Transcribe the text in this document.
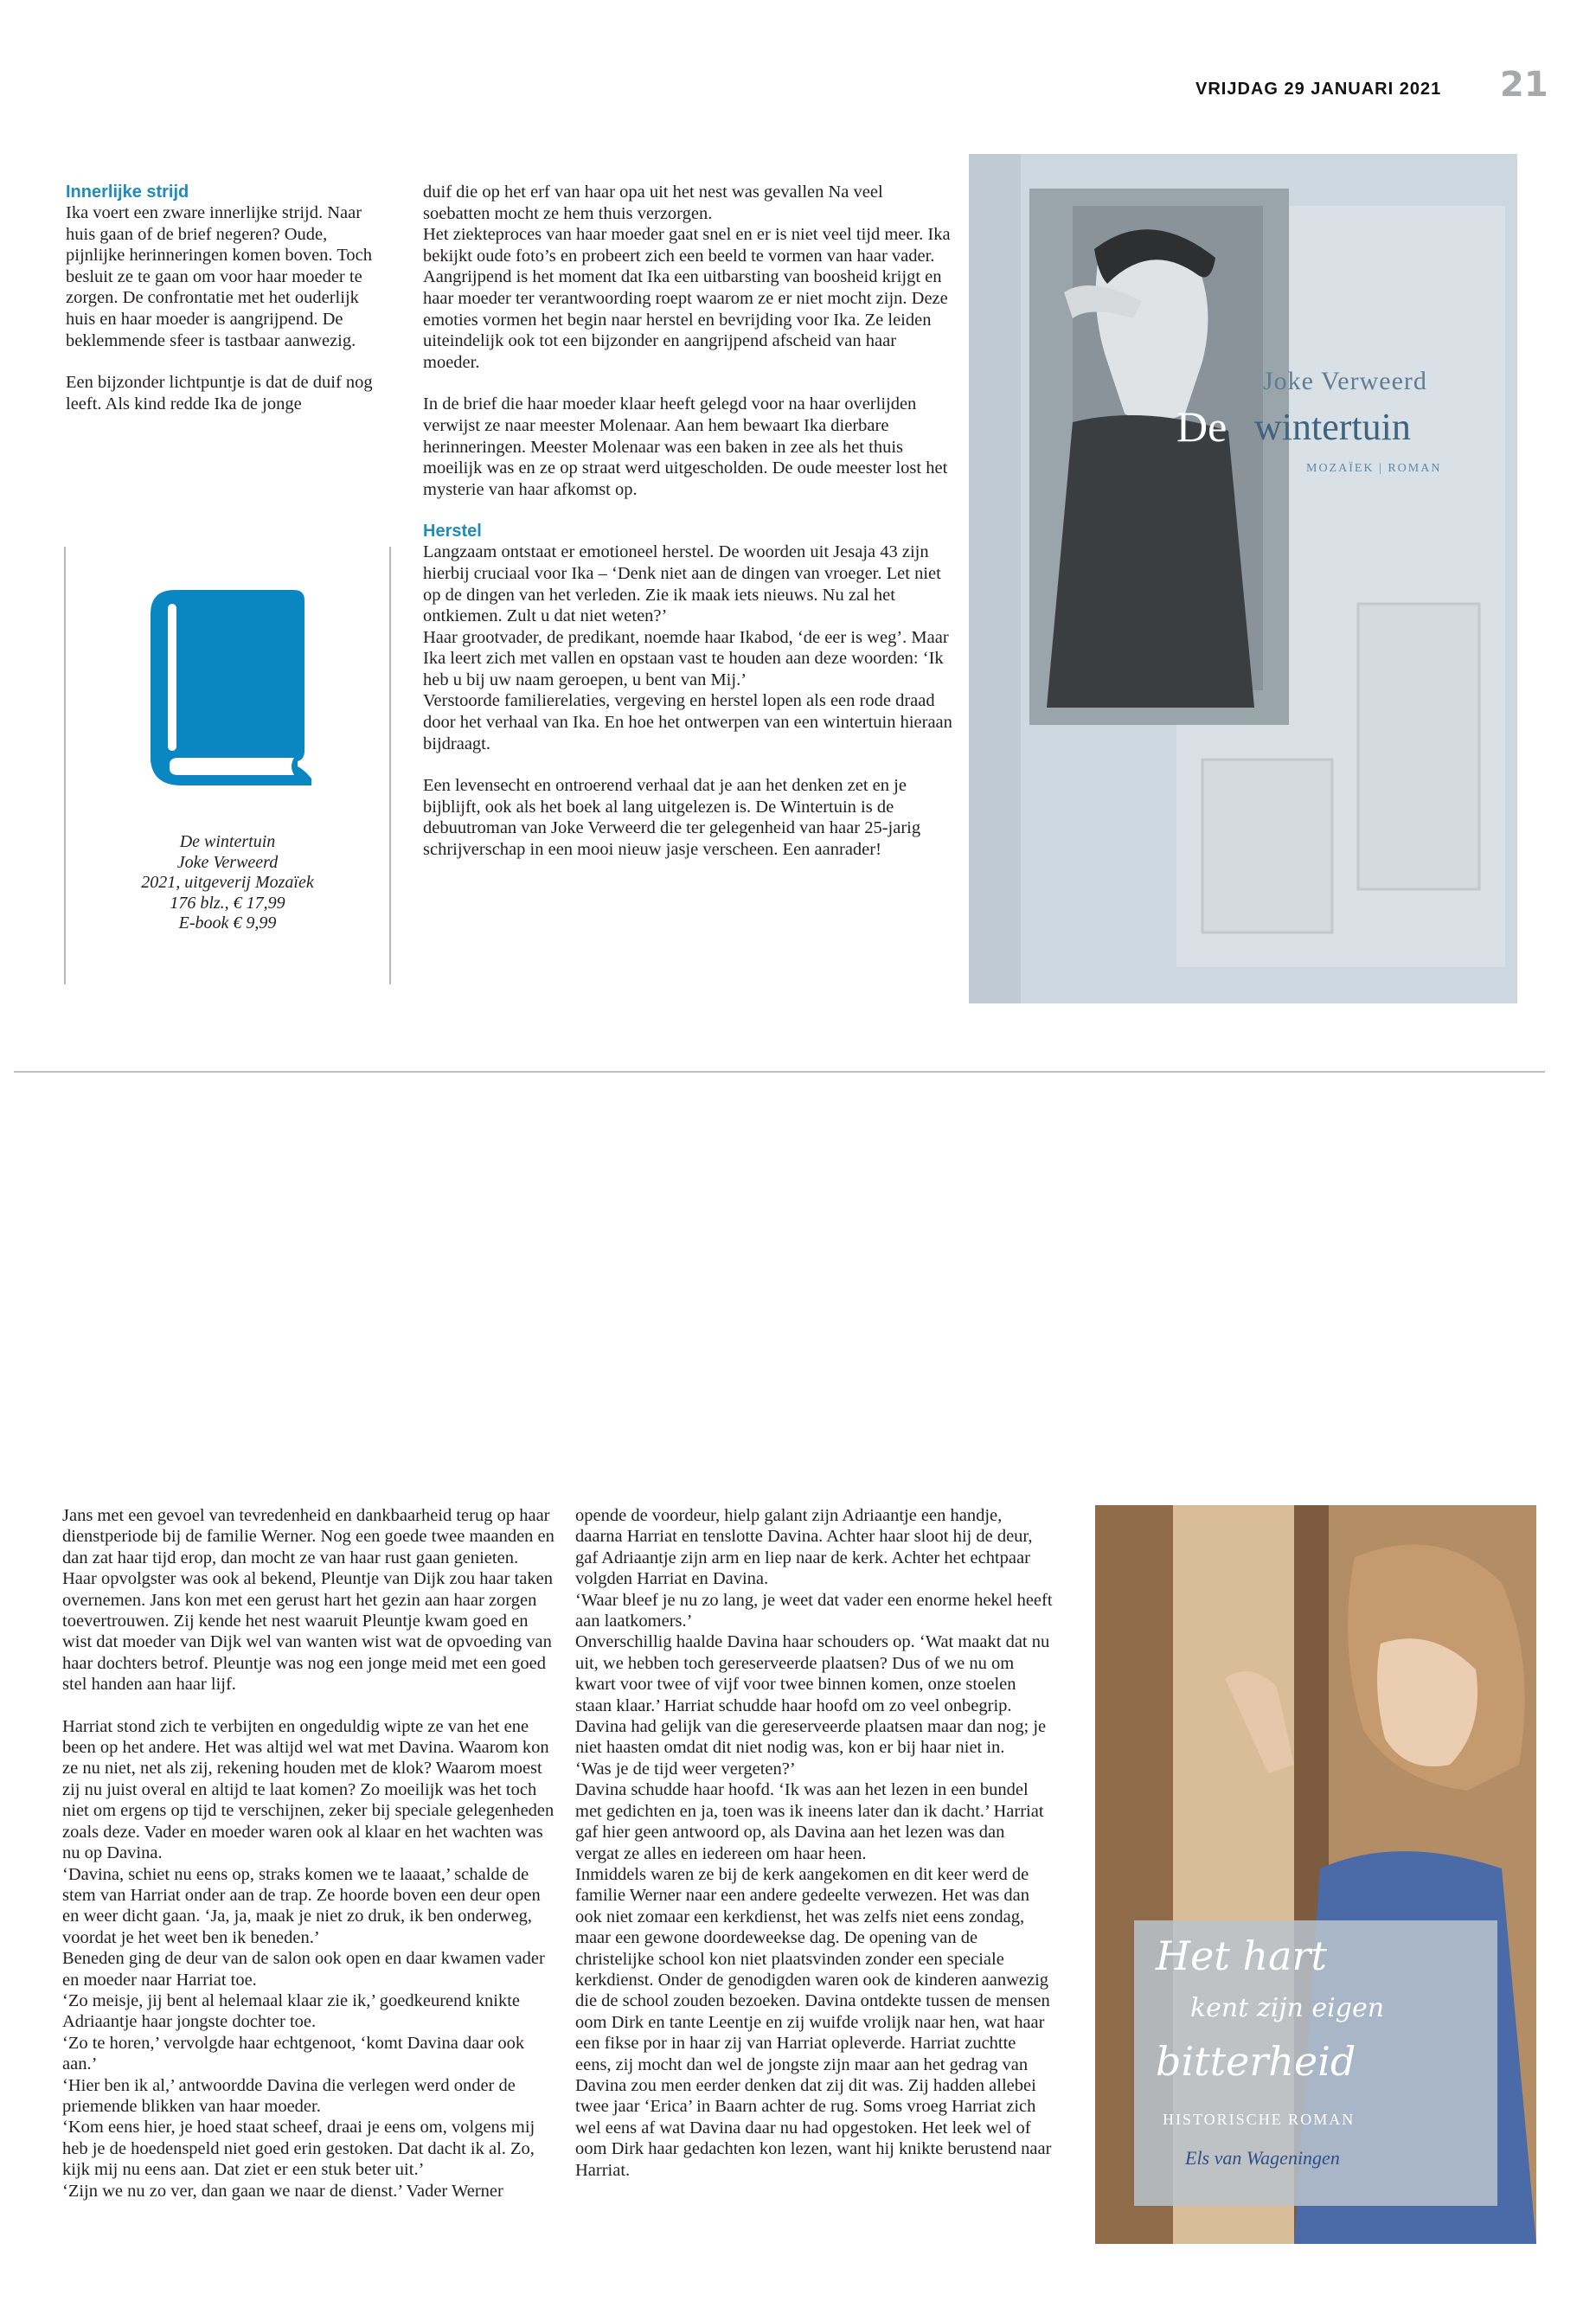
VRIJDAG 29 JANUARI 2021 21
Innerlijke strijd

Ika voert een zware innerlijke strijd. Naar huis gaan of de brief negeren? Oude, pijnlijke herinneringen komen boven. Toch besluit ze te gaan om voor haar moeder te zorgen. De confrontatie met het ouderlijk huis en haar moeder is aangrijpend. De beklemmende sfeer is tastbaar aanwezig.

Een bijzonder lichtpuntje is dat de duif nog leeft. Als kind redde Ika de jonge

duif die op het erf van haar opa uit het nest was gevallen Na veel soebatten mocht ze hem thuis verzorgen.

Het ziekteproces van haar moeder gaat snel en er is niet veel tijd meer. Ika bekijkt oude foto’s en probeert zich een beeld te vormen van haar vader. Aangrijpend is het moment dat Ika een uitbarsting van boosheid krijgt en haar moeder ter verantwoording roept waarom ze er niet mocht zijn. Deze emoties vormen het begin naar herstel en bevrijding voor Ika. Ze leiden uiteindelijk ook tot een bijzonder en aangrijpend afscheid van haar moeder.

In de brief die haar moeder klaar heeft gelegd voor na haar overlijden verwijst ze naar meester Molenaar. Aan hem bewaart Ika dierbare herinneringen. Meester Molenaar was een baken in zee als het thuis moeilijk was en ze op straat werd uitgescholden. De oude meester lost het mysterie van haar afkomst op.

Herstel

Langzaam ontstaat er emotioneel herstel. De woorden uit Jesaja 43 zijn hierbij cruciaal voor Ika – ‘Denk niet aan de dingen van vroeger. Let niet op de dingen van het verleden. Zie ik maak iets nieuws. Nu zal het ontkiemen. Zult u dat niet weten?’

Haar grootvader, de predikant, noemde haar Ikabod, ‘de eer is weg’. Maar Ika leert zich met vallen en opstaan vast te houden aan deze woorden: ‘Ik heb u bij uw naam geroepen, u bent van Mij.’

Verstoorde familierelaties, vergeving en herstel lopen als een rode draad door het verhaal van Ika. En hoe het ontwerpen van een wintertuin hieraan bijdraagt.

Een levensecht en ontroerend verhaal dat je aan het denken zet en je bijblijft, ook als het boek al lang uitgelezen is. De Wintertuin is de debuutroman van Joke Verweerd die ter gelegenheid van haar 25-jarig schrijverschap in een mooi nieuw jasje verscheen. Een aanrader!

De wintertuin
Joke Verweerd
2021, uitgeverij Mozaïek
176 blz., € 17,99
E-book € 9,99
Joke Verweerd
De wintertuin
MOZAÏEK | ROMAN

Jans met een gevoel van tevredenheid en dankbaarheid terug op haar dienstperiode bij de familie Werner. Nog een goede twee maanden en dan zat haar tijd erop, dan mocht ze van haar rust gaan genieten. Haar opvolgster was ook al bekend, Pleuntje van Dijk zou haar taken overnemen. Jans kon met een gerust hart het gezin aan haar zorgen toevertrouwen. Zij kende het nest waaruit Pleuntje kwam goed en wist dat moeder van Dijk wel van wanten wist wat de opvoeding van haar dochters betrof. Pleuntje was nog een jonge meid met een goed stel handen aan haar lijf.

Harriat stond zich te verbijten en ongeduldig wipte ze van het ene been op het andere. Het was altijd wel wat met Davina. Waarom kon ze nu niet, net als zij, rekening houden met de klok? Waarom moest zij nu juist overal en altijd te laat komen? Zo moeilijk was het toch niet om ergens op tijd te verschijnen, zeker bij speciale gelegenheden zoals deze. Vader en moeder waren ook al klaar en het wachten was nu op Davina.

‘Davina, schiet nu eens op, straks komen we te laaaat,’ schalde de stem van Harriat onder aan de trap. Ze hoorde boven een deur open en weer dicht gaan. ‘Ja, ja, maak je niet zo druk, ik ben onderweg, voordat je het weet ben ik beneden.’

Beneden ging de deur van de salon ook open en daar kwamen vader en moeder naar Harriat toe.

‘Zo meisje, jij bent al helemaal klaar zie ik,’ goedkeurend knikte Adriaantje haar jongste dochter toe.

‘Zo te horen,’ vervolgde haar echtgenoot, ‘komt Davina daar ook aan.’

‘Hier ben ik al,’ antwoordde Davina die verlegen werd onder de priemende blikken van haar moeder.

‘Kom eens hier, je hoed staat scheef, draai je eens om, volgens mij heb je de hoedenspeld niet goed erin gestoken. Dat dacht ik al. Zo, kijk mij nu eens aan. Dat ziet er een stuk beter uit.’

‘Zijn we nu zo ver, dan gaan we naar de dienst.’ Vader Werner

opende de voordeur, hielp galant zijn Adriaantje een handje, daarna Harriat en tenslotte Davina. Achter haar sloot hij de deur, gaf Adriaantje zijn arm en liep naar de kerk. Achter het echtpaar volgden Harriat en Davina.

‘Waar bleef je nu zo lang, je weet dat vader een enorme hekel heeft aan laatkomers.’

Onverschillig haalde Davina haar schouders op. ‘Wat maakt dat nu uit, we hebben toch gereserveerde plaatsen? Dus of we nu om kwart voor twee of vijf voor twee binnen komen, onze stoelen staan klaar.’ Harriat schudde haar hoofd om zo veel onbegrip. Davina had gelijk van die gereserveerde plaatsen maar dan nog; je niet haasten omdat dit niet nodig was, kon er bij haar niet in.

‘Was je de tijd weer vergeten?’

Davina schudde haar hoofd. ‘Ik was aan het lezen in een bundel met gedichten en ja, toen was ik ineens later dan ik dacht.’ Harriat gaf hier geen antwoord op, als Davina aan het lezen was dan vergat ze alles en iedereen om haar heen.

Inmiddels waren ze bij de kerk aangekomen en dit keer werd de familie Werner naar een andere gedeelte verwezen. Het was dan ook niet zomaar een kerkdienst, het was zelfs niet eens zondag, maar een gewone doordeweekse dag. De opening van de christelijke school kon niet plaatsvinden zonder een speciale kerkdienst. Onder de genodigden waren ook de kinderen aanwezig die de school zouden bezoeken. Davina ontdekte tussen de mensen oom Dirk en tante Leentje en zij wuifde vrolijk naar hen, wat haar een fikse por in haar zij van Harriat opleverde. Harriat zuchtte eens, zij mocht dan wel de jongste zijn maar aan het gedrag van Davina zou men eerder denken dat zij dit was. Zij hadden allebei twee jaar ‘Erica’ in Baarn achter de rug. Soms vroeg Harriat zich wel eens af wat Davina daar nu had opgestoken. Het leek wel of oom Dirk haar gedachten kon lezen, want hij knikte berustend naar Harriat.

Het hart
kent zijn eigen
bitterheid
HISTORISCHE ROMAN
Els van Wageningen
